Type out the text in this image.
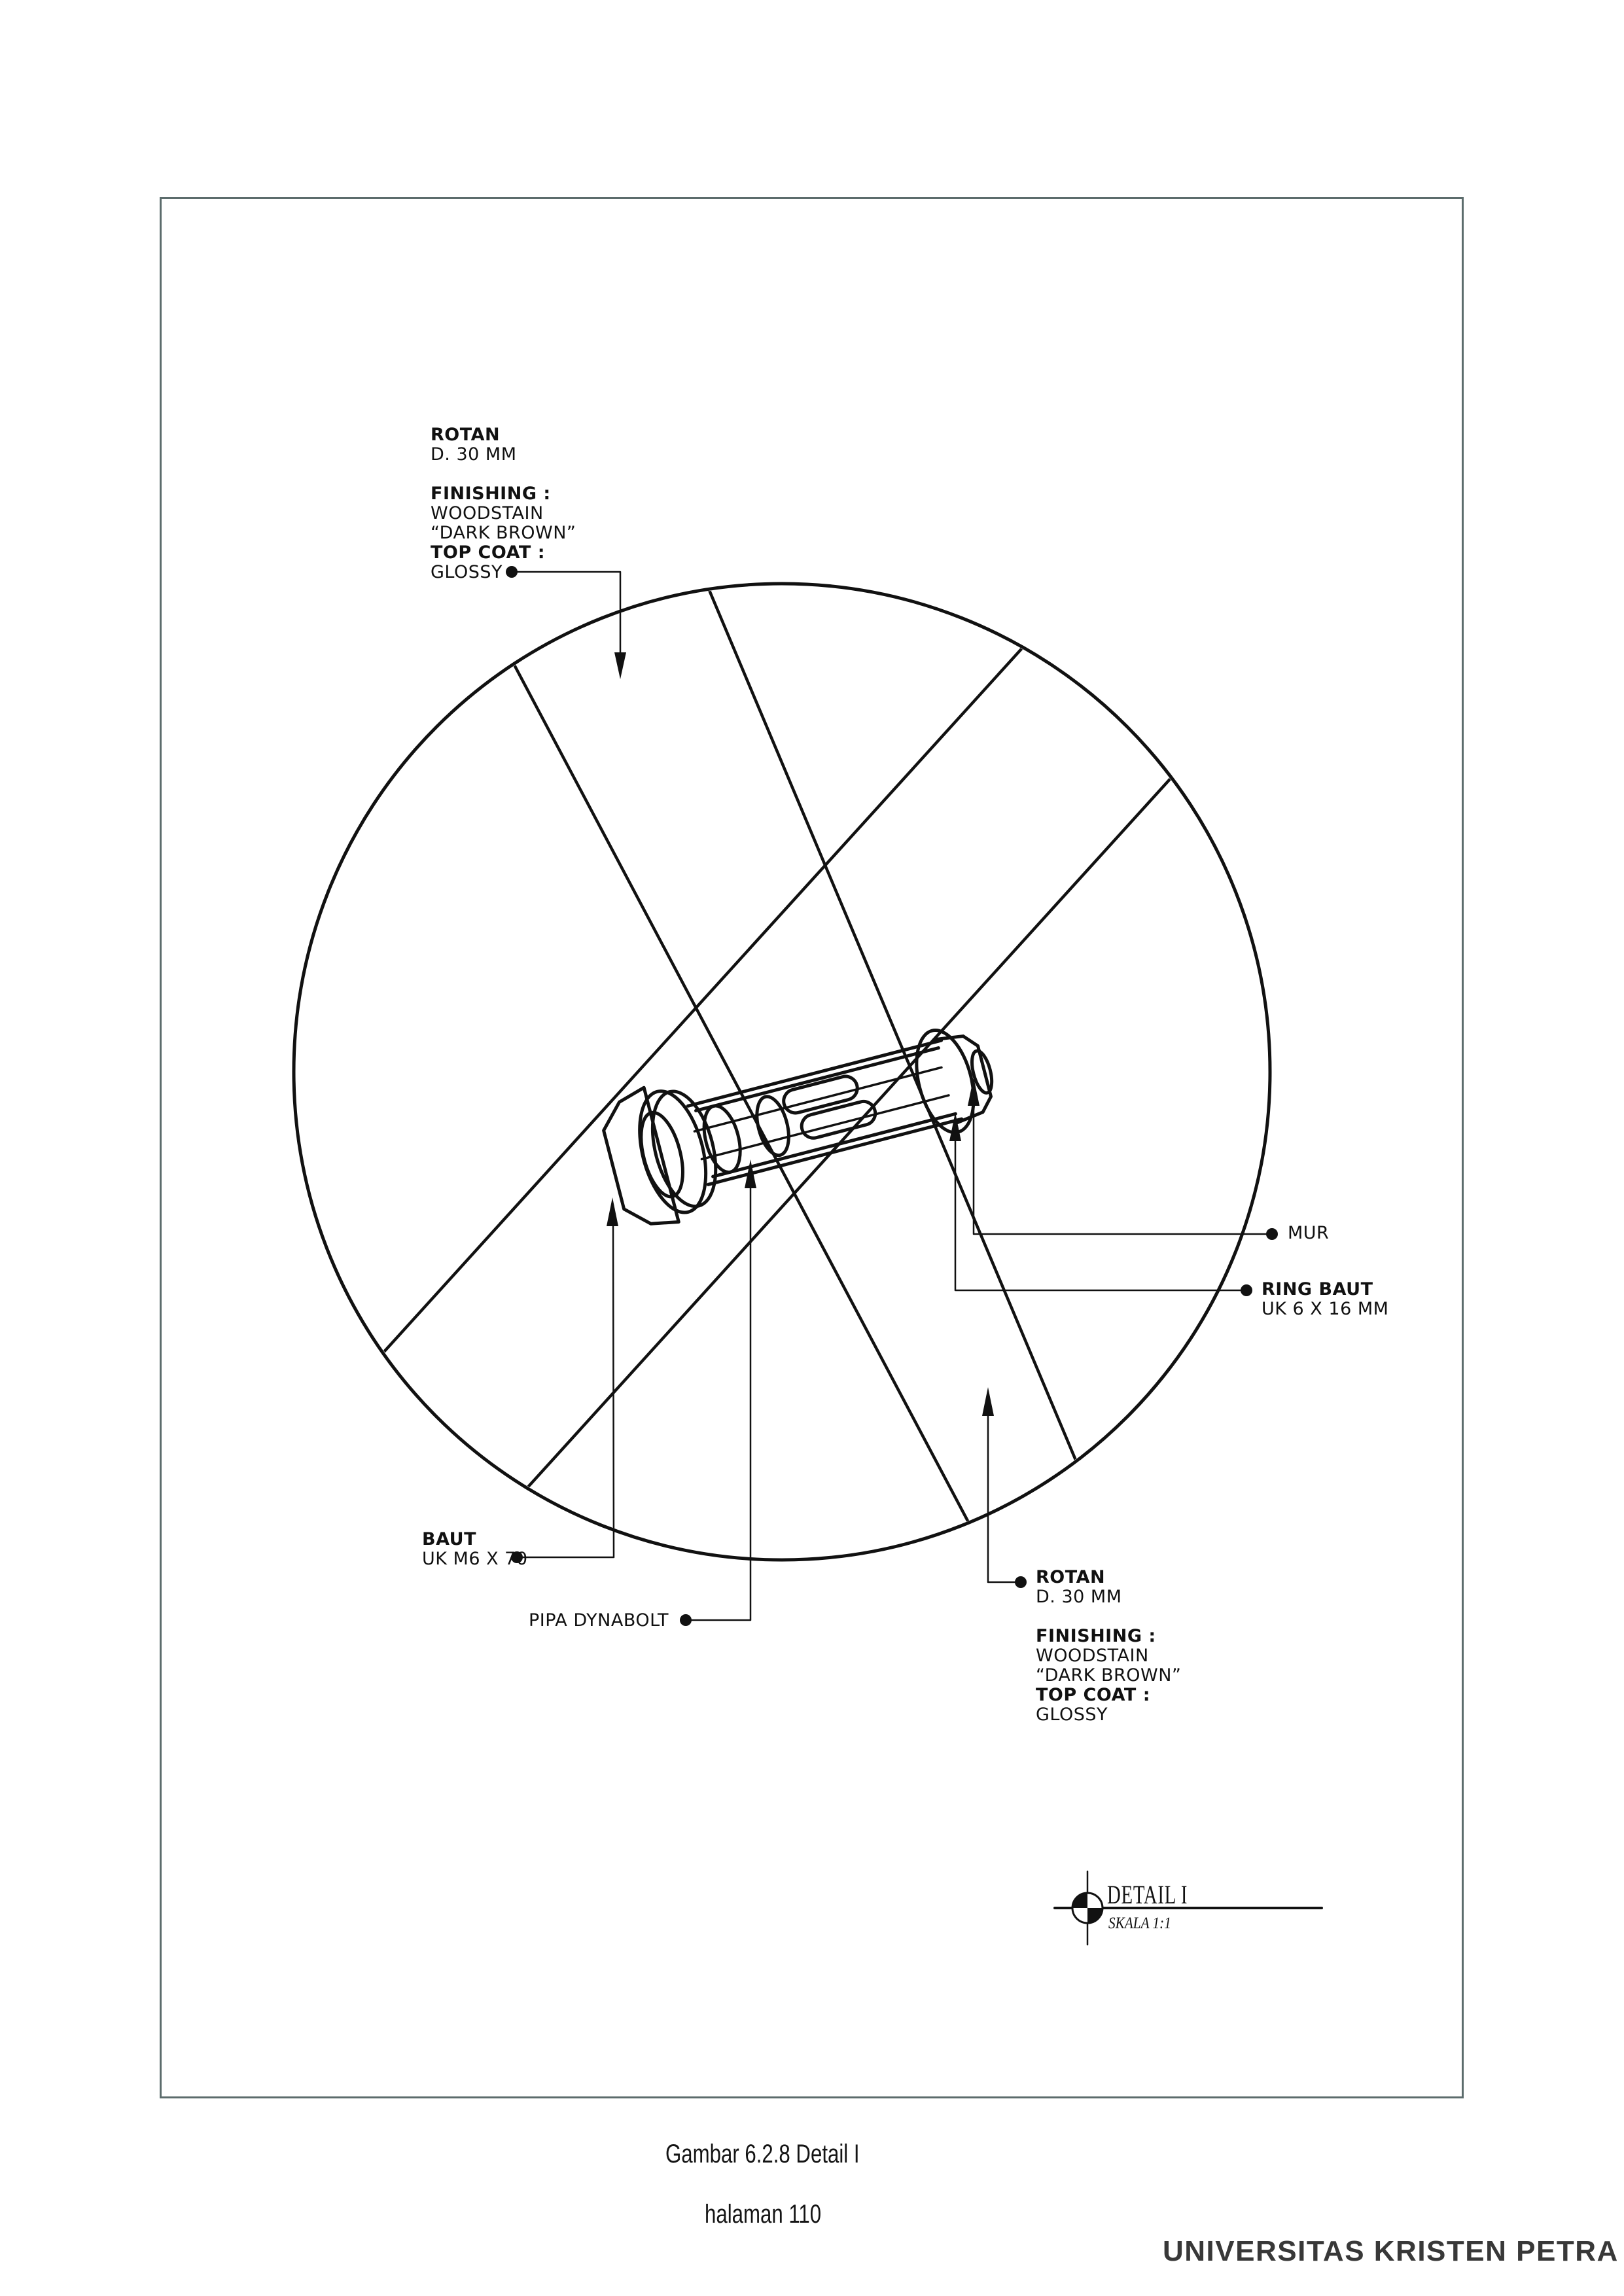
ROTAN
D. 30 MM
FINISHING :
WOODSTAIN
“DARK BROWN”
TOP COAT :
GLOSSY
MUR
RING BAUT
UK 6 X 16 MM
BAUT
UK M6 X 70
PIPA DYNABOLT
ROTAN
D. 30 MM
FINISHING :
WOODSTAIN
“DARK BROWN”
TOP COAT :
GLOSSY
DETAIL I
SKALA 1:1
Gambar 6.2.8 Detail I
halaman 110
UNIVERSITAS KRISTEN PETRA
